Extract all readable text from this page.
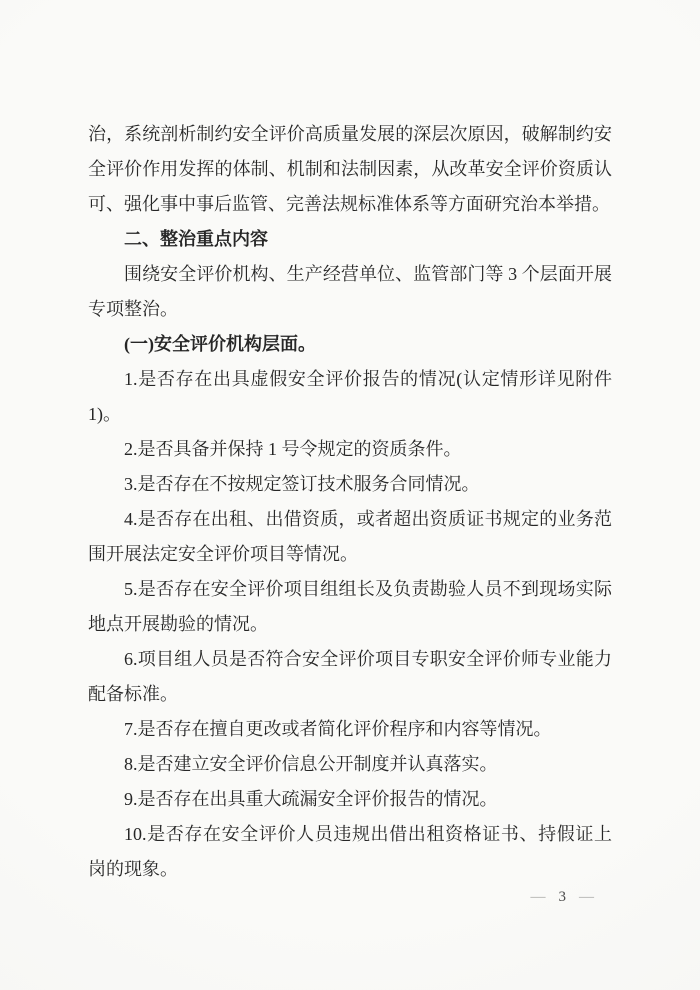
治，系统剖析制约安全评价高质量发展的深层次原因，破解制约安全评价作用发挥的体制、机制和法制因素，从改革安全评价资质认可、强化事中事后监管、完善法规标准体系等方面研究治本举措。

二、整治重点内容

围绕安全评价机构、生产经营单位、监管部门等 3 个层面开展专项整治。

(一)安全评价机构层面。

1.是否存在出具虚假安全评价报告的情况(认定情形详见附件 1)。

2.是否具备并保持 1 号令规定的资质条件。

3.是否存在不按规定签订技术服务合同情况。

4.是否存在出租、出借资质，或者超出资质证书规定的业务范围开展法定安全评价项目等情况。

5.是否存在安全评价项目组组长及负责勘验人员不到现场实际地点开展勘验的情况。

6.项目组人员是否符合安全评价项目专职安全评价师专业能力配备标准。

7.是否存在擅自更改或者简化评价程序和内容等情况。

8.是否建立安全评价信息公开制度并认真落实。

9.是否存在出具重大疏漏安全评价报告的情况。

10.是否存在安全评价人员违规出借出租资格证书、持假证上岗的现象。

— 3 —
